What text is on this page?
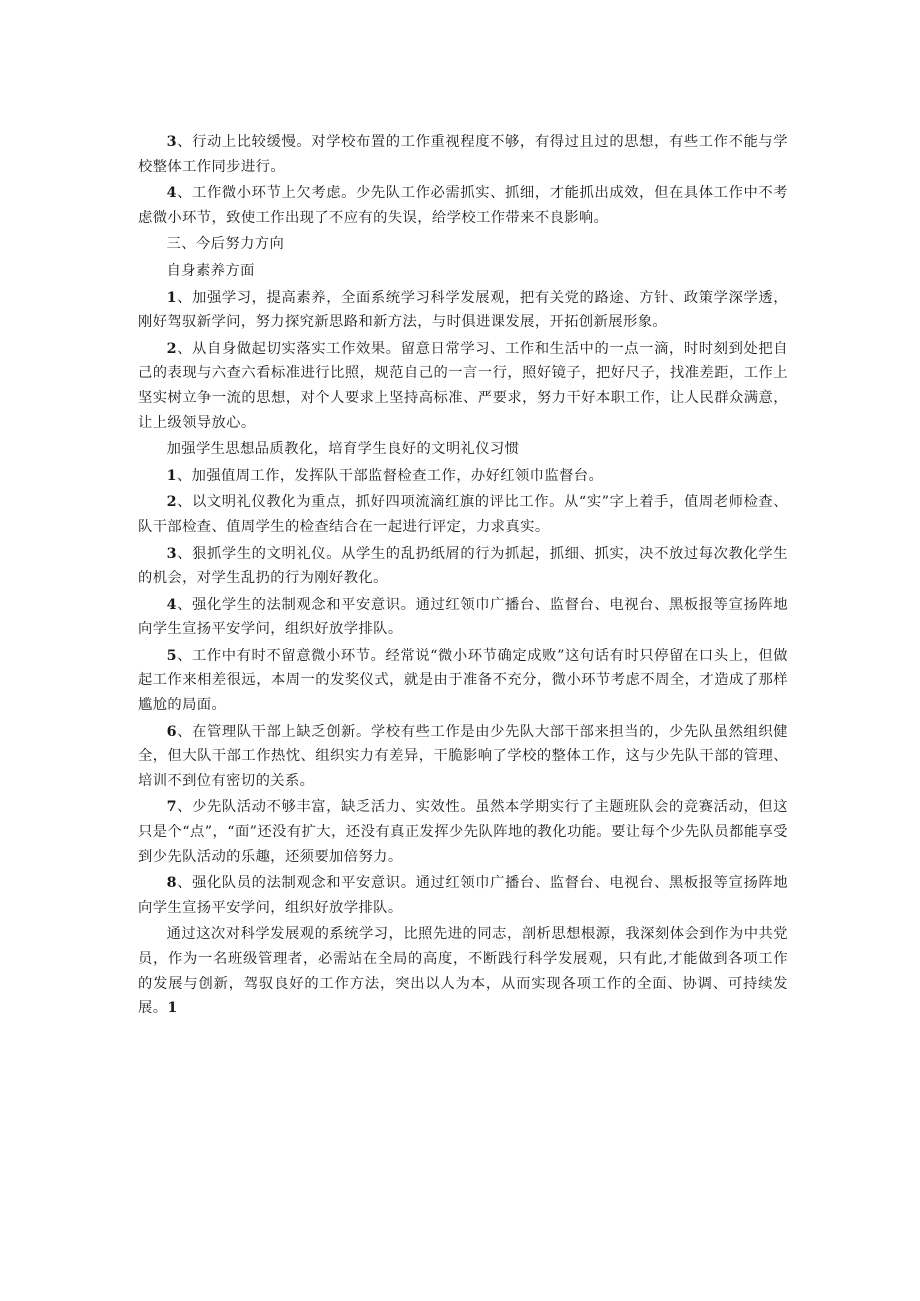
3、行动上比较缓慢。对学校布置的工作重视程度不够，有得过且过的思想，有些工作不能与学校整体工作同步进行。

4、工作微小环节上欠考虑。少先队工作必需抓实、抓细，才能抓出成效，但在具体工作中不考虑微小环节，致使工作出现了不应有的失误，给学校工作带来不良影响。

三、今后努力方向

自身素养方面

1、加强学习，提高素养，全面系统学习科学发展观，把有关党的路途、方针、政策学深学透，刚好驾驭新学问，努力探究新思路和新方法，与时俱进课发展，开拓创新展形象。

2、从自身做起切实落实工作效果。留意日常学习、工作和生活中的一点一滴，时时刻到处把自己的表现与六查六看标准进行比照，规范自己的一言一行，照好镜子，把好尺子，找准差距，工作上坚实树立争一流的思想，对个人要求上坚持高标准、严要求，努力干好本职工作，让人民群众满意，让上级领导放心。

加强学生思想品质教化，培育学生良好的文明礼仪习惯

1、加强值周工作，发挥队干部监督检查工作，办好红领巾监督台。

2、以文明礼仪教化为重点，抓好四项流滴红旗的评比工作。从“实”字上着手，值周老师检查、队干部检查、值周学生的检查结合在一起进行评定，力求真实。

3、狠抓学生的文明礼仪。从学生的乱扔纸屑的行为抓起，抓细、抓实，决不放过每次教化学生的机会，对学生乱扔的行为刚好教化。

4、强化学生的法制观念和平安意识。通过红领巾广播台、监督台、电视台、黑板报等宣扬阵地向学生宣扬平安学问，组织好放学排队。

5、工作中有时不留意微小环节。经常说“微小环节确定成败”这句话有时只停留在口头上，但做起工作来相差很远，本周一的发奖仪式，就是由于准备不充分，微小环节考虑不周全，才造成了那样尴尬的局面。

6、在管理队干部上缺乏创新。学校有些工作是由少先队大部干部来担当的，少先队虽然组织健全，但大队干部工作热忱、组织实力有差异，干脆影响了学校的整体工作，这与少先队干部的管理、培训不到位有密切的关系。

7、少先队活动不够丰富，缺乏活力、实效性。虽然本学期实行了主题班队会的竞赛活动，但这只是个“点”，“面”还没有扩大，还没有真正发挥少先队阵地的教化功能。要让每个少先队员都能享受到少先队活动的乐趣，还须要加倍努力。

8、强化队员的法制观念和平安意识。通过红领巾广播台、监督台、电视台、黑板报等宣扬阵地向学生宣扬平安学问，组织好放学排队。

通过这次对科学发展观的系统学习，比照先进的同志，剖析思想根源，我深刻体会到作为中共党员，作为一名班级管理者，必需站在全局的高度，不断践行科学发展观，只有此,才能做到各项工作的发展与创新，驾驭良好的工作方法，突出以人为本，从而实现各项工作的全面、协调、可持续发展。1
